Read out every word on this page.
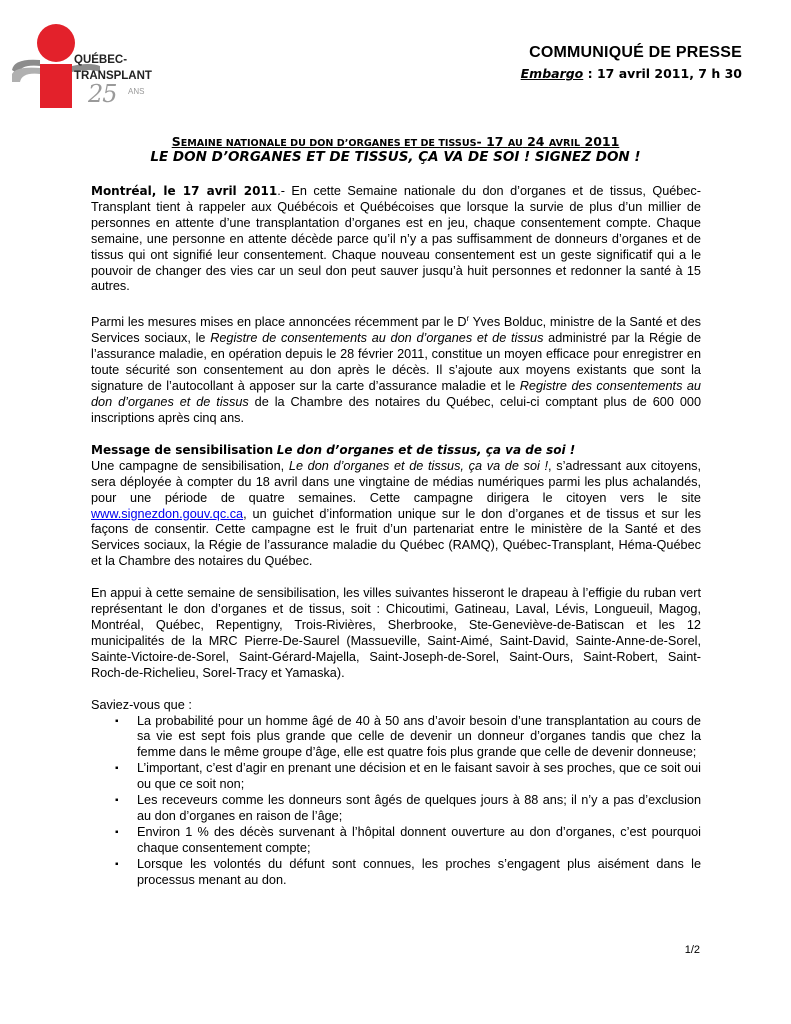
QUÉBEC-
TRANSPLANT
25 ANS
COMMUNIQUÉ DE PRESSE
Embargo : 17 avril 2011, 7 h 30
SEMAINE NATIONALE DU DON D’ORGANES ET DE TISSUS- 17 AU 24 AVRIL 2011
LE DON D’ORGANES ET DE TISSUS, ÇA VA DE SOI ! SIGNEZ DON !

Montréal, le 17 avril 2011.- En cette Semaine nationale du don d’organes et de tissus, Québec-Transplant tient à rappeler aux Québécois et Québécoises que lorsque la survie de plus d’un millier de personnes en attente d’une transplantation d’organes est en jeu, chaque consentement compte. Chaque semaine, une personne en attente décède parce qu’il n’y a pas suffisamment de donneurs d’organes et de tissus qui ont signifié leur consentement. Chaque nouveau consentement est un geste significatif qui a le pouvoir de changer des vies car un seul don peut sauver jusqu’à huit personnes et redonner la santé à 15 autres.

Parmi les mesures mises en place annoncées récemment par le $D^r$ Yves Bolduc, ministre de la Santé et des Services sociaux, le Registre de consentements au don d’organes et de tissus administré par la Régie de l’assurance maladie, en opération depuis le 28 février 2011, constitue un moyen efficace pour enregistrer en toute sécurité son consentement au don après le décès. Il s’ajoute aux moyens existants que sont la signature de l’autocollant à apposer sur la carte d’assurance maladie et le Registre des consentements au don d’organes et de tissus de la Chambre des notaires du Québec, celui-ci comptant plus de 600 000 inscriptions après cinq ans.

Message de sensibilisation Le don d’organes et de tissus, ça va de soi !
Une campagne de sensibilisation, Le don d’organes et de tissus, ça va de soi !, s’adressant aux citoyens, sera déployée à compter du 18 avril dans une vingtaine de médias numériques parmi les plus achalandés, pour une période de quatre semaines. Cette campagne dirigera le citoyen vers le site www.signezdon.gouv.qc.ca, un guichet d’information unique sur le don d’organes et de tissus et sur les façons de consentir. Cette campagne est le fruit d’un partenariat entre le ministère de la Santé et des Services sociaux, la Régie de l’assurance maladie du Québec (RAMQ), Québec-Transplant, Héma-Québec et la Chambre des notaires du Québec.

En appui à cette semaine de sensibilisation, les villes suivantes hisseront le drapeau à l’effigie du ruban vert représentant le don d’organes et de tissus, soit : Chicoutimi, Gatineau, Laval, Lévis, Longueuil, Magog, Montréal, Québec, Repentigny, Trois-Rivières, Sherbrooke, Ste-Geneviève-de-Batiscan et les 12 municipalités de la MRC Pierre-De-Saurel (Massueville, Saint-Aimé, Saint-David, Sainte-Anne-de-Sorel, Sainte-Victoire-de-Sorel, Saint-Gérard-Majella, Saint-Joseph-de-Sorel, Saint-Ours, Saint-Robert, Saint-Roch-de-Richelieu, Sorel-Tracy et Yamaska).

Saviez-vous que :

▪ La probabilité pour un homme âgé de 40 à 50 ans d’avoir besoin d’une transplantation au cours de sa vie est sept fois plus grande que celle de devenir un donneur d’organes tandis que chez la femme dans le même groupe d’âge, elle est quatre fois plus grande que celle de devenir donneuse;
▪ L’important, c’est d’agir en prenant une décision et en le faisant savoir à ses proches, que ce soit oui ou que ce soit non;
▪ Les receveurs comme les donneurs sont âgés de quelques jours à 88 ans; il n’y a pas d’exclusion au don d’organes en raison de l’âge;
▪ Environ 1 % des décès survenant à l’hôpital donnent ouverture au don d’organes, c’est pourquoi chaque consentement compte;
▪ Lorsque les volontés du défunt sont connues, les proches s’engagent plus aisément dans le processus menant au don.
1/2
